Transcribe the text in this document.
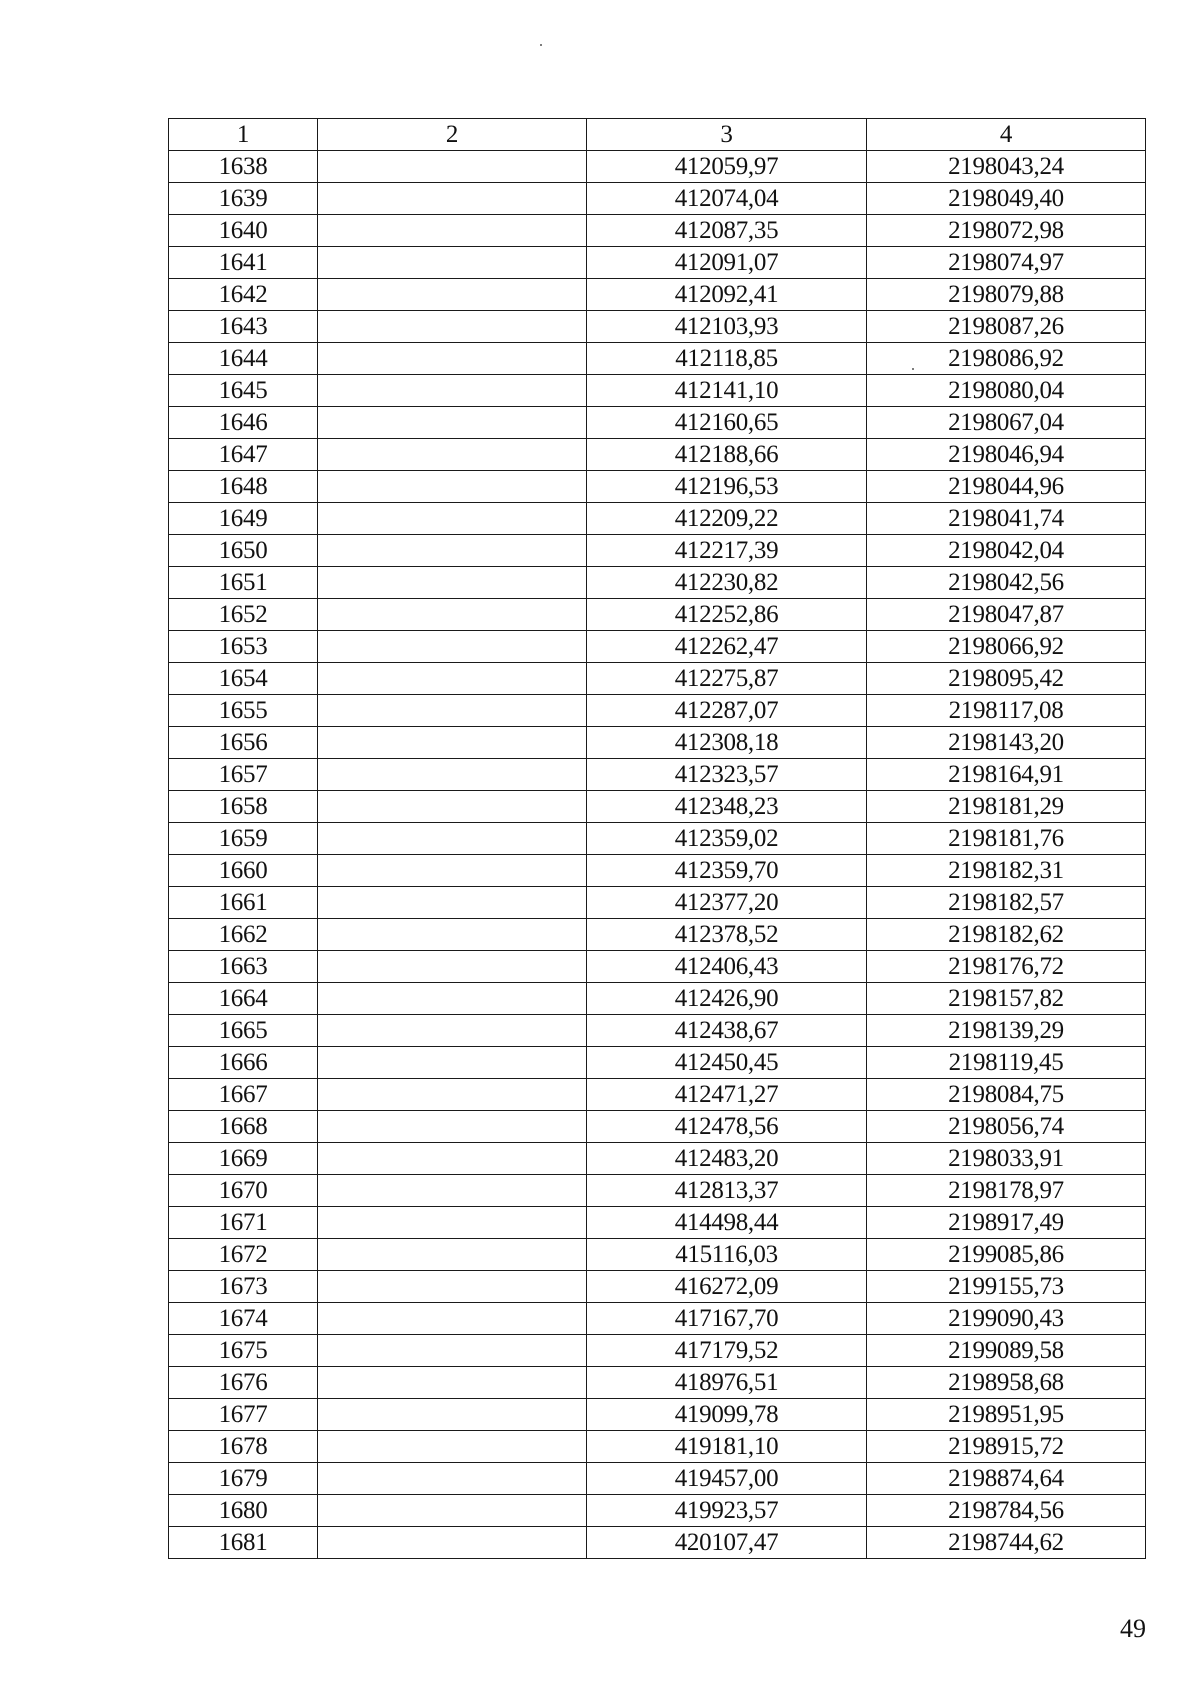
1	2	3	4
1638		412059,97	2198043,24
1639		412074,04	2198049,40
1640		412087,35	2198072,98
1641		412091,07	2198074,97
1642		412092,41	2198079,88
1643		412103,93	2198087,26
1644		412118,85	2198086,92
1645		412141,10	2198080,04
1646		412160,65	2198067,04
1647		412188,66	2198046,94
1648		412196,53	2198044,96
1649		412209,22	2198041,74
1650		412217,39	2198042,04
1651		412230,82	2198042,56
1652		412252,86	2198047,87
1653		412262,47	2198066,92
1654		412275,87	2198095,42
1655		412287,07	2198117,08
1656		412308,18	2198143,20
1657		412323,57	2198164,91
1658		412348,23	2198181,29
1659		412359,02	2198181,76
1660		412359,70	2198182,31
1661		412377,20	2198182,57
1662		412378,52	2198182,62
1663		412406,43	2198176,72
1664		412426,90	2198157,82
1665		412438,67	2198139,29
1666		412450,45	2198119,45
1667		412471,27	2198084,75
1668		412478,56	2198056,74
1669		412483,20	2198033,91
1670		412813,37	2198178,97
1671		414498,44	2198917,49
1672		415116,03	2199085,86
1673		416272,09	2199155,73
1674		417167,70	2199090,43
1675		417179,52	2199089,58
1676		418976,51	2198958,68
1677		419099,78	2198951,95
1678		419181,10	2198915,72
1679		419457,00	2198874,64
1680		419923,57	2198784,56
1681		420107,47	2198744,62
49
